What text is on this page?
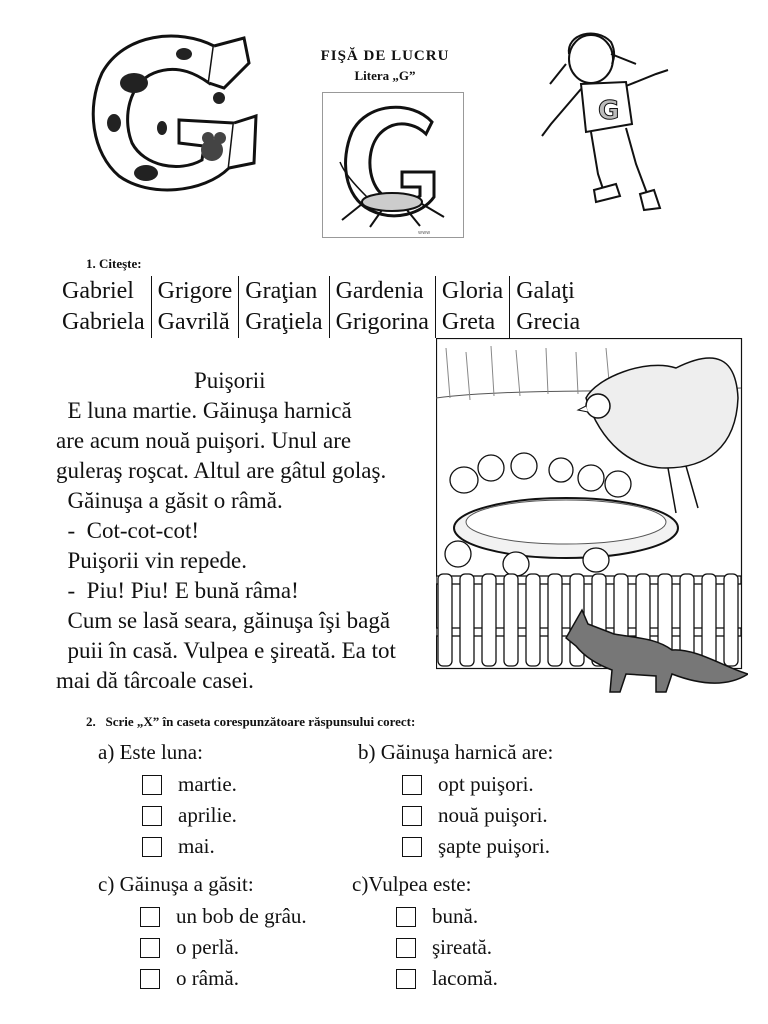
FIŞĂ DE LUCRU
Litera „G”
www
G
1. Citeşte:
Gabriel	Grigore	Graţian	Gardenia	Gloria	Galaţi
Gabriela	Gavrilă	Graţiela	Grigorina	Greta	Grecia

Puişorii

E luna martie. Găinuşa harnică

are acum nouă puişori. Unul are

guleraş roşcat. Altul are gâtul golaş.

Găinuşa a găsit o râmă.

-  Cot-cot-cot!

Puişorii vin repede.

-  Piu! Piu! E bună râma!

Cum se lasă seara, găinuşa îşi bagă

puii în casă. Vulpea e şireată. Ea tot

mai dă târcoale casei.

2.   Scrie „X” în caseta corespunzătoare răspunsului corect:
a) Este luna:
martie.
aprilie.
mai.
b) Găinuşa harnică are:
opt puişori.
nouă puişori.
şapte puişori.
c) Găinuşa a găsit:
un bob de grâu.
o perlă.
o râmă.
c)Vulpea este:
bună.
şireată.
lacomă.
